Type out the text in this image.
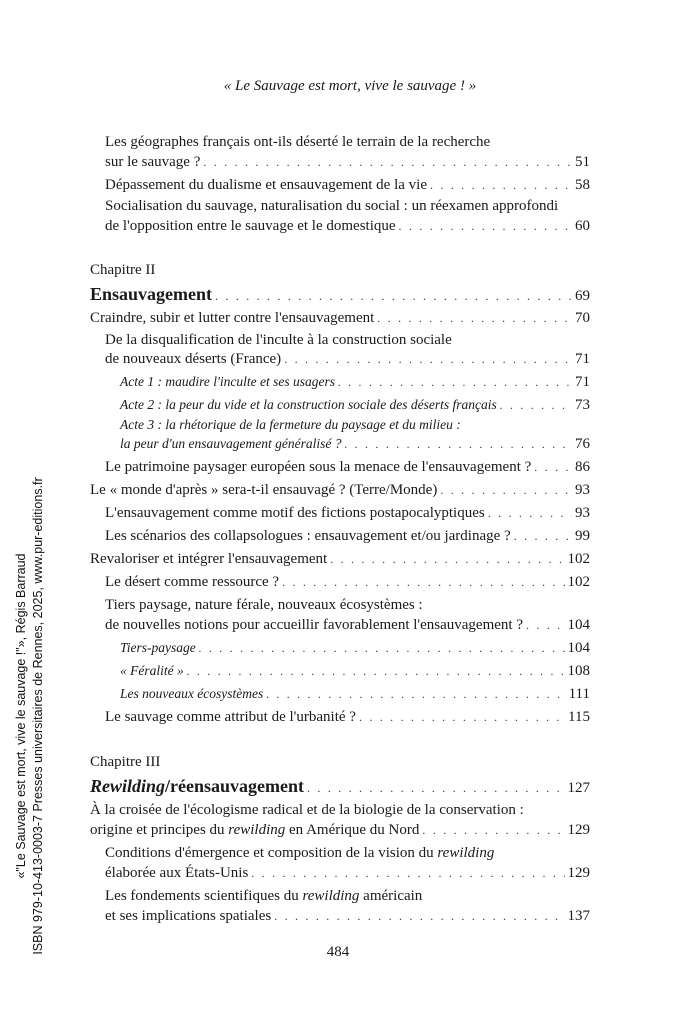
« Le Sauvage est mort, vive le sauvage ! »
Les géographes français ont-ils déserté le terrain de la recherche
sur le sauvage ? . . .	51
Dépassement du dualisme et ensauvagement de la vie . . .	58
Socialisation du sauvage, naturalisation du social : un réexamen approfondi
de l'opposition entre le sauvage et le domestique . . .	60
Chapitre II
Ensauvagement . . .	69
Craindre, subir et lutter contre l'ensauvagement . . .	70
De la disqualification de l'inculte à la construction sociale
de nouveaux déserts (France) . . .	71
Acte 1 : maudire l'inculte et ses usagers . . .	71
Acte 2 : la peur du vide et la construction sociale des déserts français . . .	73
Acte 3 : la rhétorique de la fermeture du paysage et du milieu :
la peur d'un ensauvagement généralisé ? . . .	76
Le patrimoine paysager européen sous la menace de l'ensauvagement ? . . .	86
Le « monde d'après » sera-t-il ensauvagé ? (Terre/Monde) . . .	93
L'ensauvagement comme motif des fictions postapocalyptiques . . .	93
Les scénarios des collapsologues : ensauvagement et/ou jardinage ? . . .	99
Revaloriser et intégrer l'ensauvagement . . .	102
Le désert comme ressource ? . . .	102
Tiers paysage, nature férale, nouveaux écosystèmes :
de nouvelles notions pour accueillir favorablement l'ensauvagement ? . . .	104
Tiers-paysage . . .	104
« Féralité » . . .	108
Les nouveaux écosystèmes . . .	111
Le sauvage comme attribut de l'urbanité ? . . .	115
Chapitre III
Rewilding/réensauvagement . . .	127
À la croisée de l'écologisme radical et de la biologie de la conservation :
origine et principes du rewilding en Amérique du Nord . . .	129
Conditions d'émergence et composition de la vision du rewilding
élaborée aux États-Unis . . .	129
Les fondements scientifiques du rewilding américain
et ses implications spatiales . . .	137
484
«"Le Sauvage est mort, vive le sauvage !"», Régis Barraud ISBN 979-10-413-0003-7 Presses universitaires de Rennes, 2025, www.pur-editions.fr
